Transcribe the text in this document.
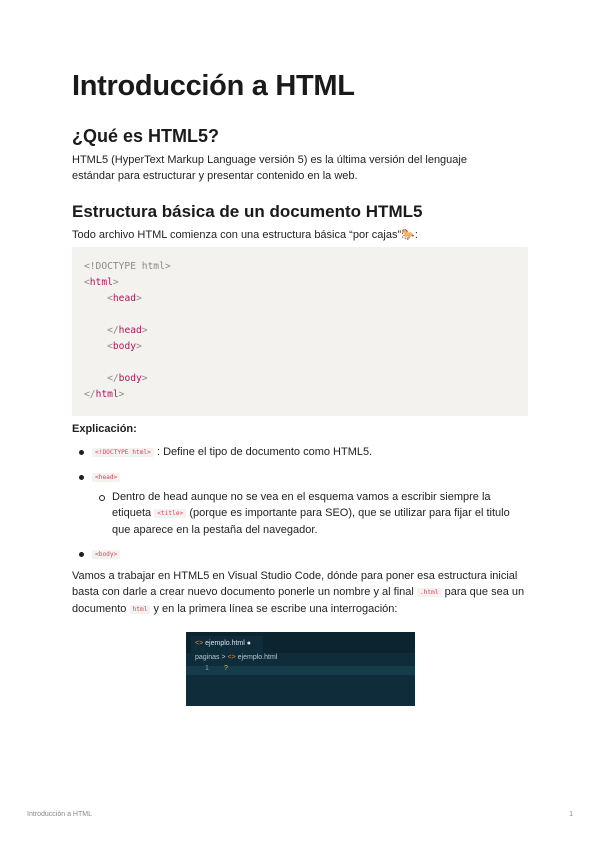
Introducción a HTML
¿Qué es HTML5?

HTML5 (HyperText Markup Language versión 5) es la última versión del lenguaje estándar para estructurar y presentar contenido en la web.

Estructura básica de un documento HTML5

Todo archivo HTML comienza con una estructura básica “por cajas”🐎:

<!DOCTYPE html>
<html>
<head>

</head>
<body>

</body>
</html>
Explicación:
<!DOCTYPE html> : Define el tipo de documento como HTML5.
<head>
Dentro de head aunque no se vea en el esquema vamos a escribir siempre la etiqueta <title> (porque es importante para SEO), que se utilizar para fijar el titulo que aparece en la pestaña del navegador.
<body>

Vamos a trabajar en HTML5 en Visual Studio Code, dónde para poner esa estructura inicial basta con darle a crear nuevo documento ponerle un nombre y al final .html para que sea un documento html y en la primera línea se escribe una interrogación:

<> ejemplo.html ●
paginas > <> ejemplo.html
1 ?
Introducción a HTML	1
